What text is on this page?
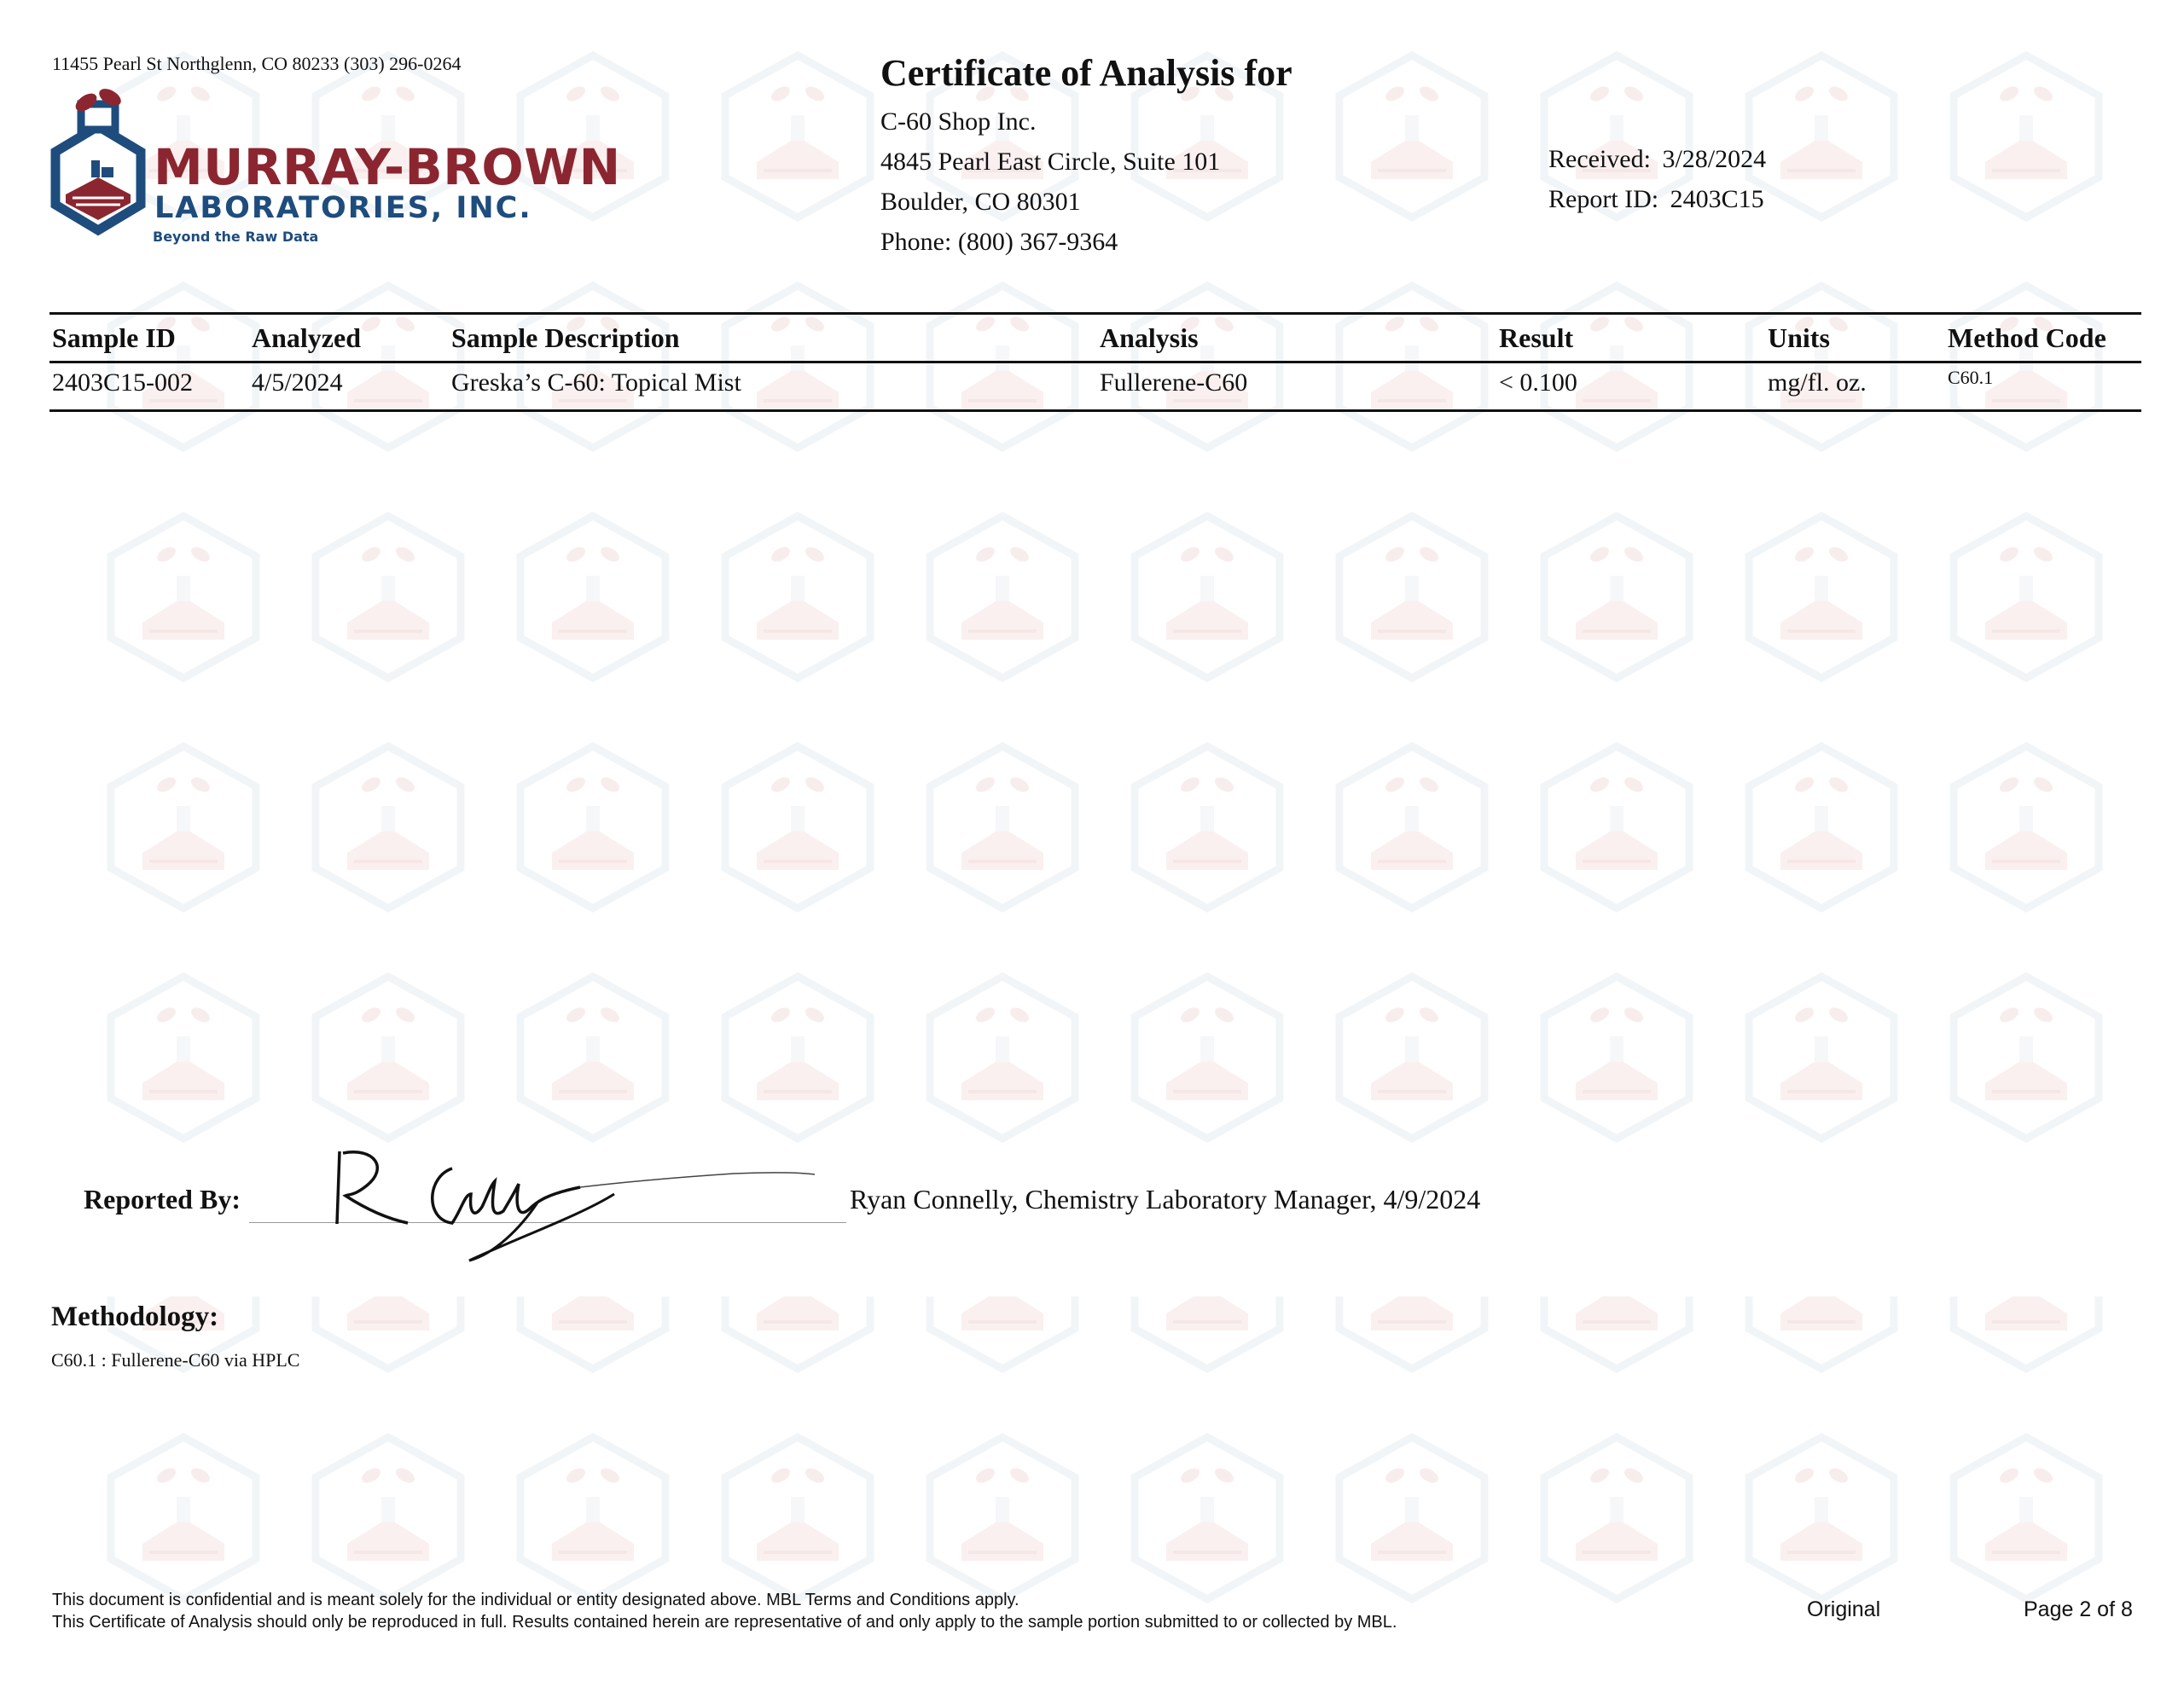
11455 Pearl St Northglenn, CO 80233 (303) 296-0264
MURRAY-BROWN
LABORATORIES, INC.
Beyond the Raw Data
Certificate of Analysis for
C-60 Shop Inc.
4845 Pearl East Circle, Suite 101
Boulder, CO 80301
Phone: (800) 367-9364
Received: 3/28/2024
Report ID: 2403C15
Sample ID	Analyzed	Sample Description	Analysis	Result	Units	Method Code
2403C15-002	4/5/2024	Greska’s C-60: Topical Mist	Fullerene-C60	< 0.100	mg/fl. oz.	C60.1
Reported By:	Ryan Connelly, Chemistry Laboratory Manager, 4/9/2024
Methodology:
C60.1 : Fullerene-C60 via HPLC
This document is confidential and is meant solely for the individual or entity designated above. MBL Terms and Conditions apply.
This Certificate of Analysis should only be reproduced in full. Results contained herein are representative of and only apply to the sample portion submitted to or collected by MBL.
Original	Page 2 of 8
